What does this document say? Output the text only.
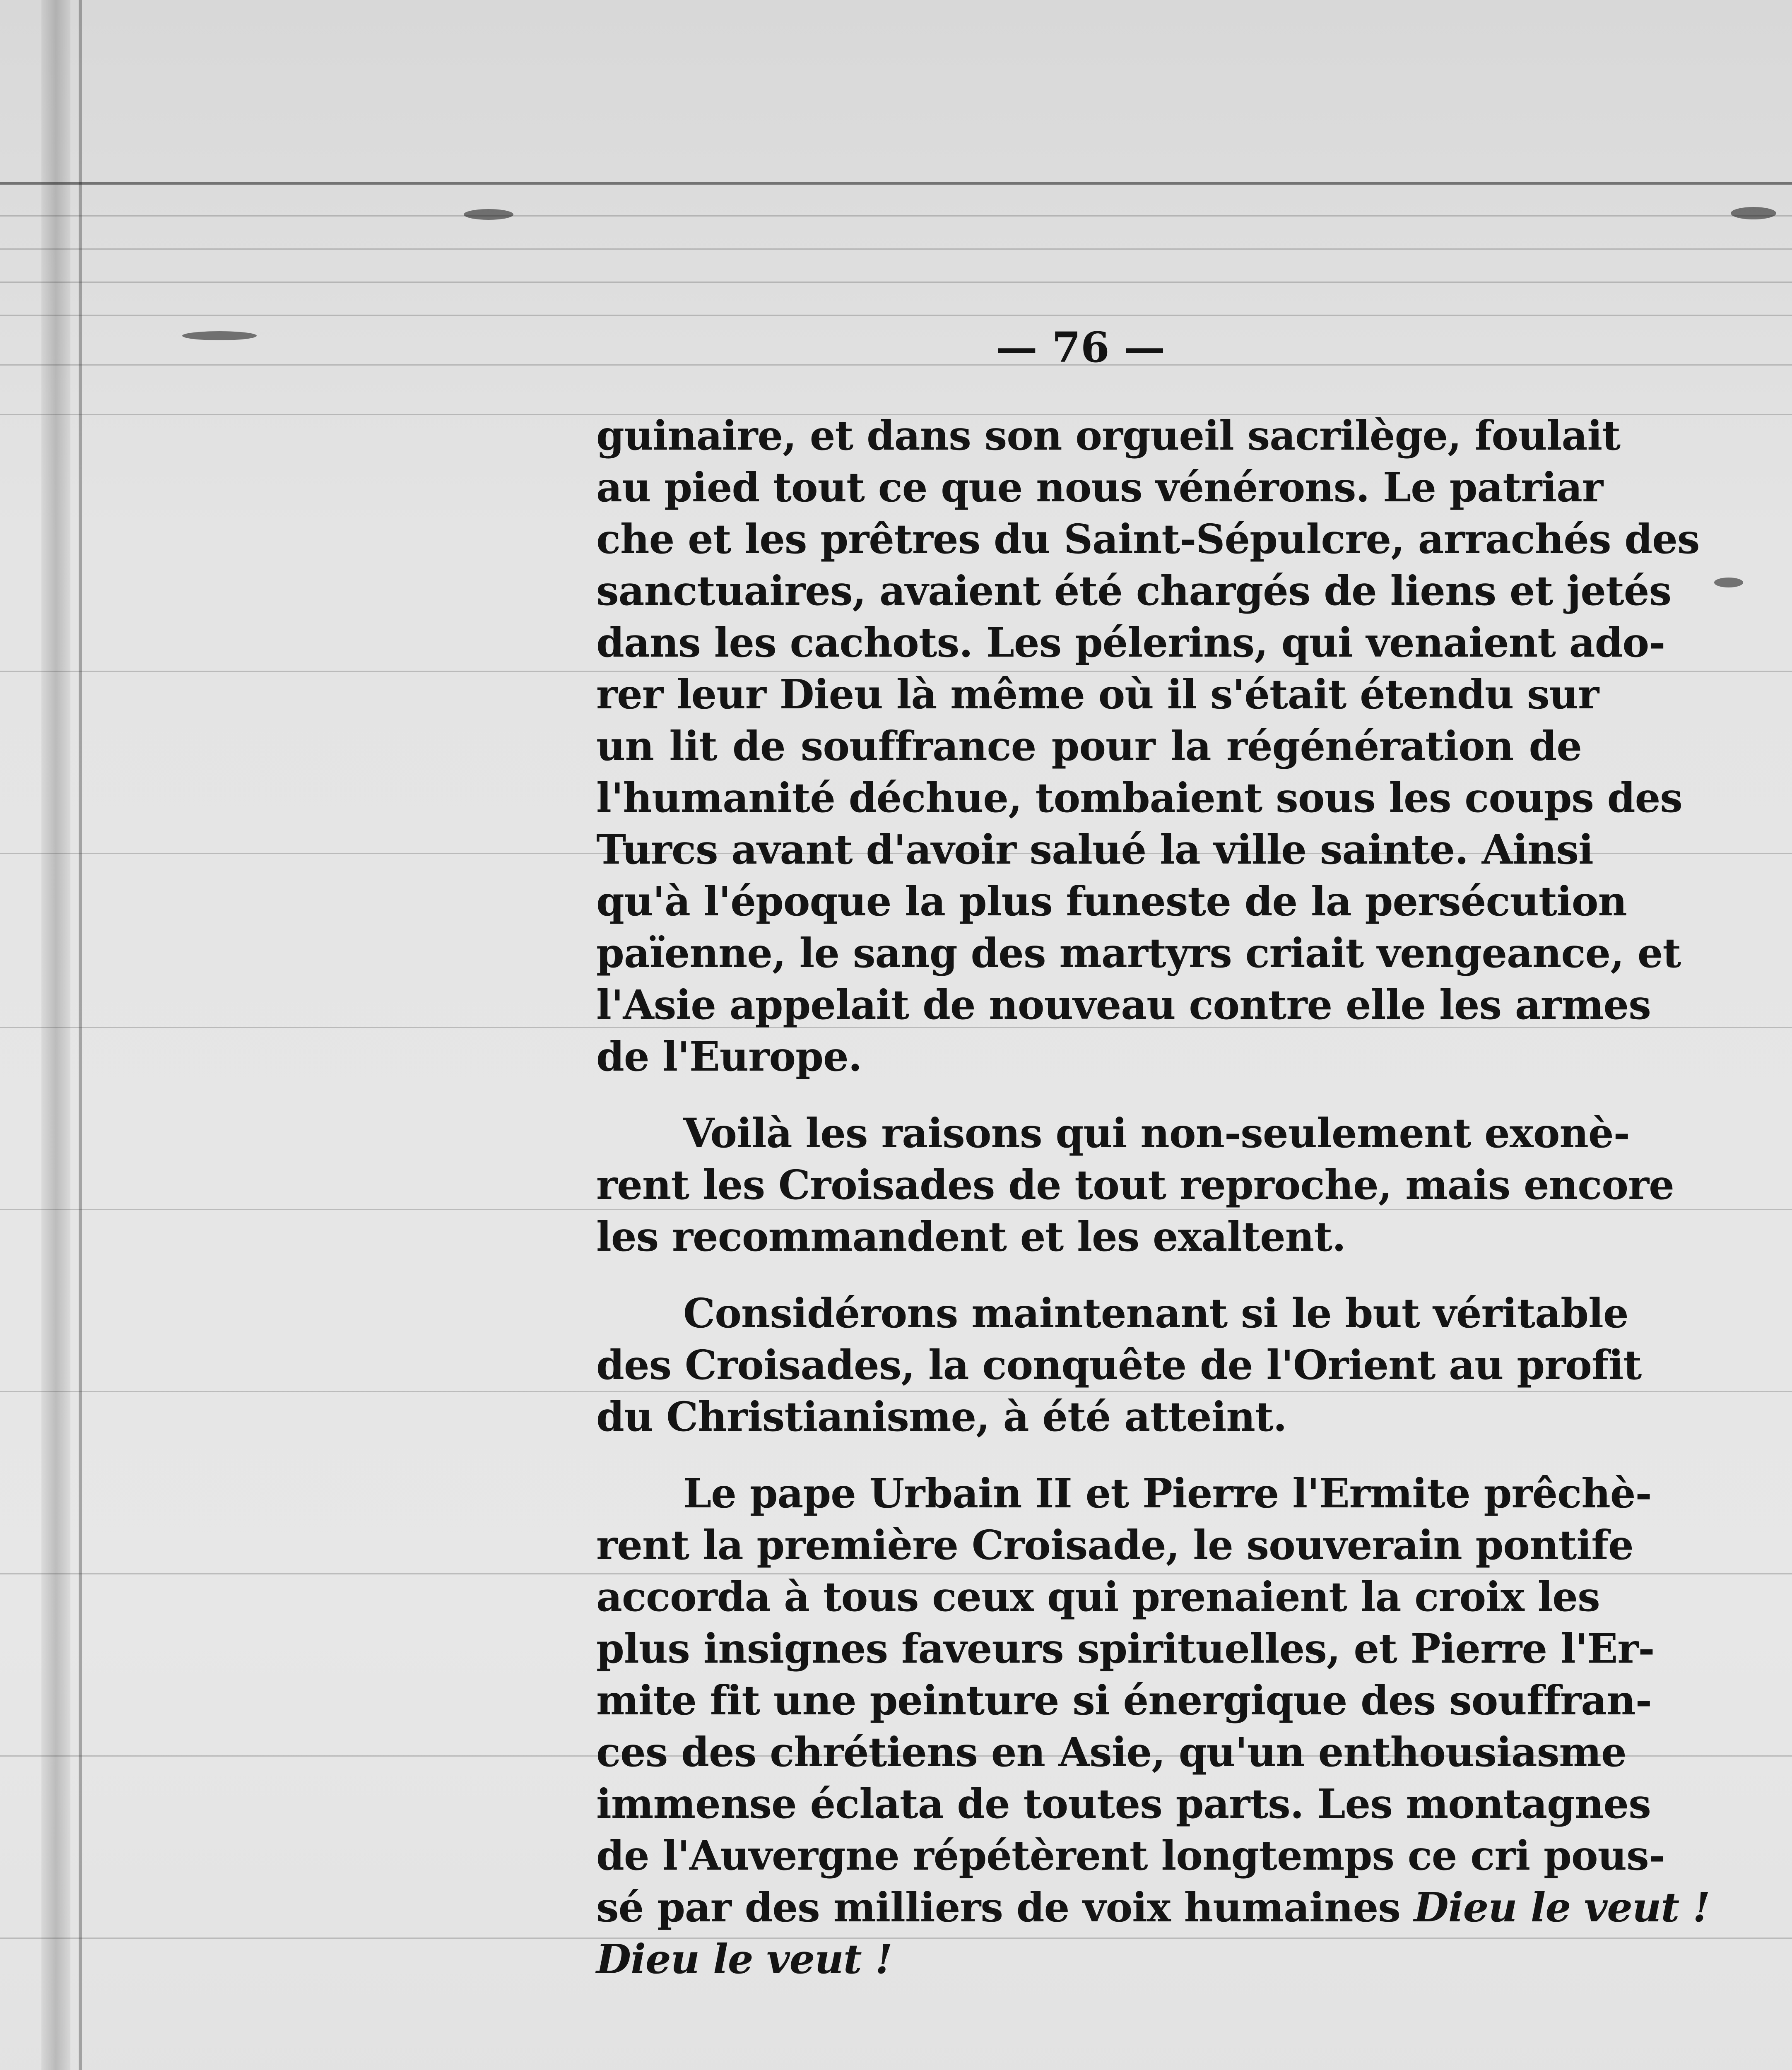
— 76 —

guinaire, et dans son orgueil sacrilège, foulait
au pied tout ce que nous vénérons. Le patriar
che et les prêtres du Saint-Sépulcre, arrachés des
sanctuaires, avaient été chargés de liens et jetés
dans les cachots. Les pélerins, qui venaient ado-
rer leur Dieu là même où il s'était étendu sur
un lit de souffrance pour la régénération de
l'humanité déchue, tombaient sous les coups des
Turcs avant d'avoir salué la ville sainte. Ainsi
qu'à l'époque la plus funeste de la persécution
païenne, le sang des martyrs criait vengeance, et
l'Asie appelait de nouveau contre elle les armes
de l'Europe.

Voilà les raisons qui non-seulement exonè-
rent les Croisades de tout reproche, mais encore
les recommandent et les exaltent.

Considérons maintenant si le but véritable
des Croisades, la conquête de l'Orient au profit
du Christianisme, à été atteint.

Le pape Urbain II et Pierre l'Ermite prêchè-
rent la première Croisade, le souverain pontife
accorda à tous ceux qui prenaient la croix les
plus insignes faveurs spirituelles, et Pierre l'Er-
mite fit une peinture si énergique des souffran-
ces des chrétiens en Asie, qu'un enthousiasme
immense éclata de toutes parts. Les montagnes
de l'Auvergne répétèrent longtemps ce cri pous-
sé par des milliers de voix humaines Dieu le veut !
Dieu le veut !
